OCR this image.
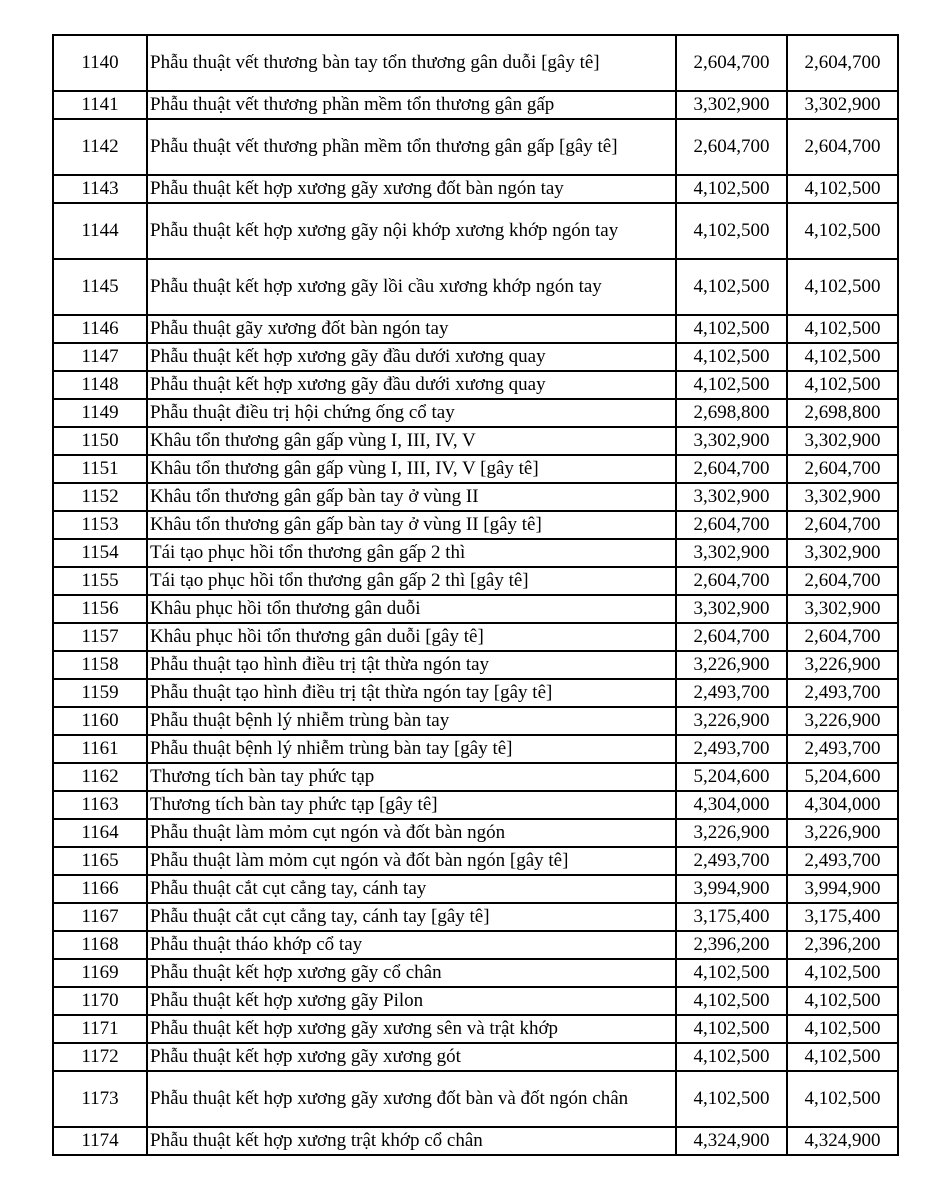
1140	Phẫu thuật vết thương bàn tay tổn thương gân duỗi [gây tê]	2,604,700	2,604,700
1141	Phẫu thuật vết thương phần mềm tổn thương gân gấp	3,302,900	3,302,900
1142	Phẫu thuật vết thương phần mềm tổn thương gân gấp [gây tê]	2,604,700	2,604,700
1143	Phẫu thuật kết hợp xương gãy xương đốt bàn ngón tay	4,102,500	4,102,500
1144	Phẫu thuật kết hợp xương gãy nội khớp xương khớp ngón tay	4,102,500	4,102,500
1145	Phẫu thuật kết hợp xương gãy lồi cầu xương khớp ngón tay	4,102,500	4,102,500
1146	Phẫu thuật gãy xương đốt bàn ngón tay	4,102,500	4,102,500
1147	Phẫu thuật kết hợp xương gãy đầu dưới xương quay	4,102,500	4,102,500
1148	Phẫu thuật kết hợp xương gãy đầu dưới xương quay	4,102,500	4,102,500
1149	Phẫu thuật điều trị hội chứng ống cổ tay	2,698,800	2,698,800
1150	Khâu tổn thương gân gấp vùng I, III, IV, V	3,302,900	3,302,900
1151	Khâu tổn thương gân gấp vùng I, III, IV, V [gây tê]	2,604,700	2,604,700
1152	Khâu tổn thương gân gấp bàn tay ở vùng II	3,302,900	3,302,900
1153	Khâu tổn thương gân gấp bàn tay ở vùng II [gây tê]	2,604,700	2,604,700
1154	Tái tạo phục hồi tổn thương gân gấp 2 thì	3,302,900	3,302,900
1155	Tái tạo phục hồi tổn thương gân gấp 2 thì [gây tê]	2,604,700	2,604,700
1156	Khâu phục hồi tổn thương gân duỗi	3,302,900	3,302,900
1157	Khâu phục hồi tổn thương gân duỗi [gây tê]	2,604,700	2,604,700
1158	Phẫu thuật tạo hình điều trị tật thừa ngón tay	3,226,900	3,226,900
1159	Phẫu thuật tạo hình điều trị tật thừa ngón tay [gây tê]	2,493,700	2,493,700
1160	Phẫu thuật bệnh lý nhiễm trùng bàn tay	3,226,900	3,226,900
1161	Phẫu thuật bệnh lý nhiễm trùng bàn tay [gây tê]	2,493,700	2,493,700
1162	Thương tích bàn tay phức tạp	5,204,600	5,204,600
1163	Thương tích bàn tay phức tạp [gây tê]	4,304,000	4,304,000
1164	Phẫu thuật làm mỏm cụt ngón và đốt bàn ngón	3,226,900	3,226,900
1165	Phẫu thuật làm mỏm cụt ngón và đốt bàn ngón [gây tê]	2,493,700	2,493,700
1166	Phẫu thuật cắt cụt cẳng tay, cánh tay	3,994,900	3,994,900
1167	Phẫu thuật cắt cụt cẳng tay, cánh tay [gây tê]	3,175,400	3,175,400
1168	Phẫu thuật tháo khớp cổ tay	2,396,200	2,396,200
1169	Phẫu thuật kết hợp xương gãy cổ chân	4,102,500	4,102,500
1170	Phẫu thuật kết hợp xương gãy Pilon	4,102,500	4,102,500
1171	Phẫu thuật kết hợp xương gãy xương sên và trật khớp	4,102,500	4,102,500
1172	Phẫu thuật kết hợp xương gãy xương gót	4,102,500	4,102,500
1173	Phẫu thuật kết hợp xương gãy xương đốt bàn và đốt ngón chân	4,102,500	4,102,500
1174	Phẫu thuật kết hợp xương trật khớp cổ chân	4,324,900	4,324,900
